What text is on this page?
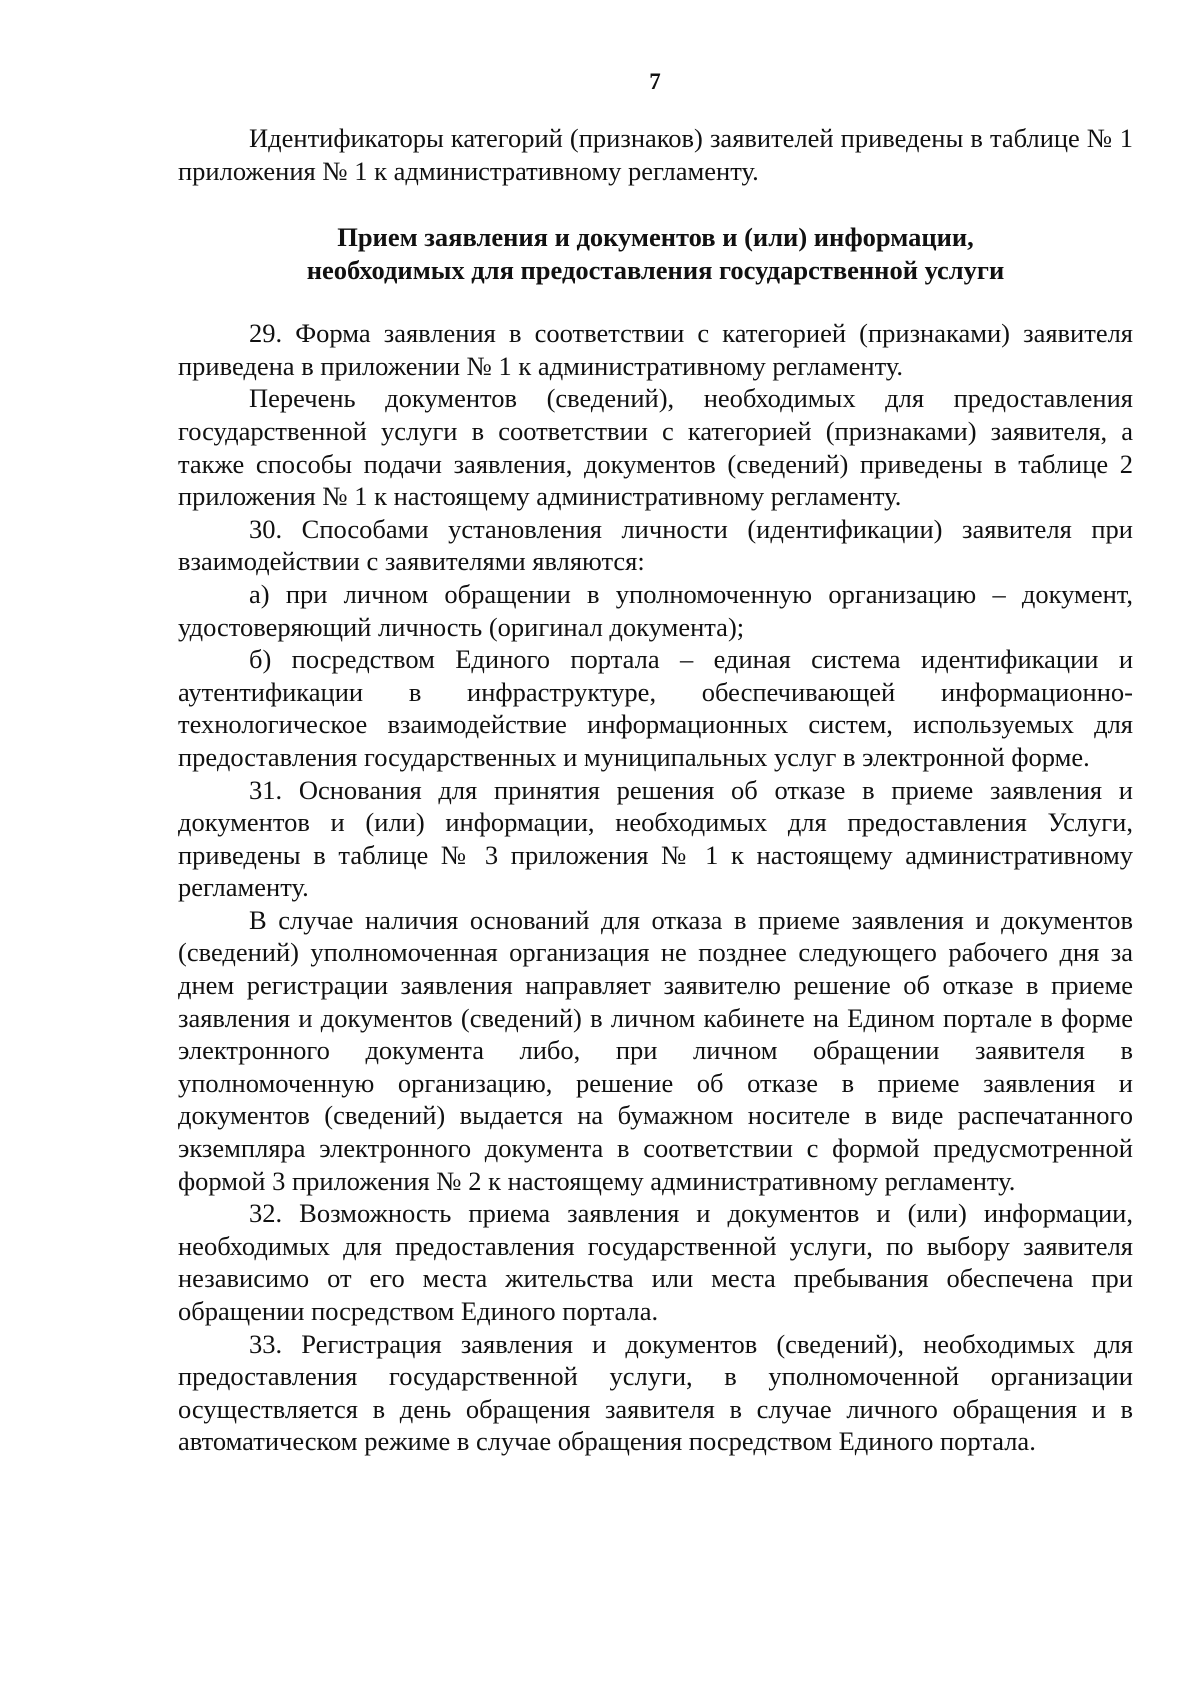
7

Идентификаторы категорий (признаков) заявителей приведены в таблице № 1 приложения № 1 к административному регламенту.

Прием заявления и документов и (или) информации,
необходимых для предоставления государственной услуги

29. Форма заявления в соответствии с категорией (признаками) заявителя приведена в приложении № 1 к административному регламенту.

Перечень документов (сведений), необходимых для предоставления государственной услуги в соответствии с категорией (признаками) заявителя, а также способы подачи заявления, документов (сведений) приведены в таблице 2 приложения № 1 к настоящему административному регламенту.

30. Способами установления личности (идентификации) заявителя при взаимодействии с заявителями являются:

а) при личном обращении в уполномоченную организацию – документ, удостоверяющий личность (оригинал документа);

б) посредством Единого портала – единая система идентификации и аутентификации в инфраструктуре, обеспечивающей информационно-технологическое взаимодействие информационных систем, используемых для предоставления государственных и муниципальных услуг в электронной форме.

31. Основания для принятия решения об отказе в приеме заявления и документов и (или) информации, необходимых для предоставления Услуги, приведены в таблице № 3 приложения № 1 к настоящему административному регламенту.

В случае наличия оснований для отказа в приеме заявления и документов (сведений) уполномоченная организация не позднее следующего рабочего дня за днем регистрации заявления направляет заявителю решение об отказе в приеме заявления и документов (сведений) в личном кабинете на Едином портале в форме электронного документа либо, при личном обращении заявителя в уполномоченную организацию, решение об отказе в приеме заявления и документов (сведений) выдается на бумажном носителе в виде распечатанного экземпляра электронного документа в соответствии с формой предусмотренной формой 3 приложения № 2 к настоящему административному регламенту.

32. Возможность приема заявления и документов и (или) информации, необходимых для предоставления государственной услуги, по выбору заявителя независимо от его места жительства или места пребывания обеспечена при обращении посредством Единого портала.

33. Регистрация заявления и документов (сведений), необходимых для предоставления государственной услуги, в уполномоченной организации осуществляется в день обращения заявителя в случае личного обращения и в автоматическом режиме в случае обращения посредством Единого портала.
